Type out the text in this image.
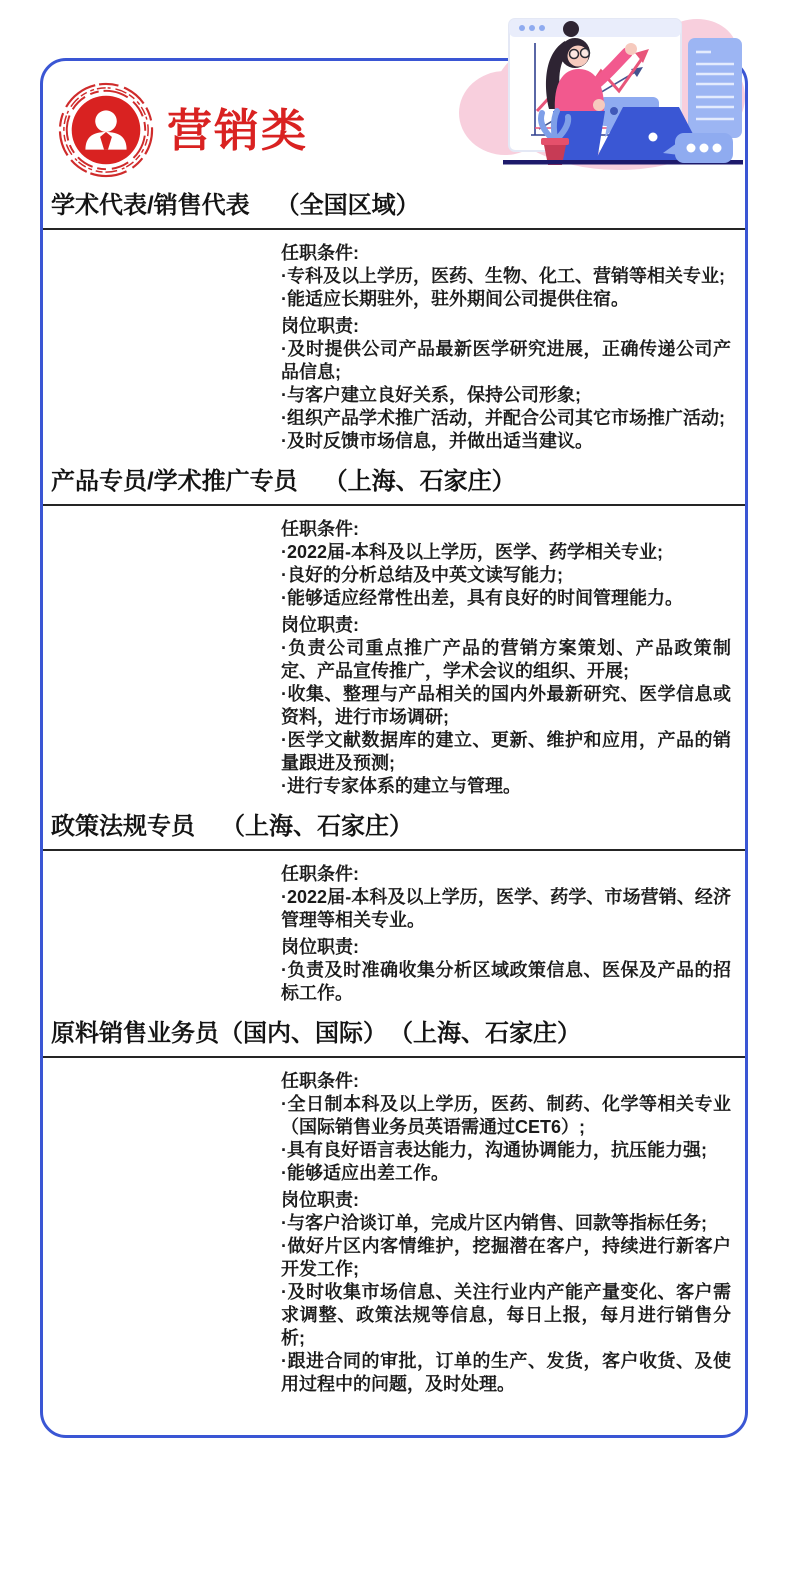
营销类
学术代表/销售代表 （全国区域）
任职条件:
·专科及以上学历，医药、生物、化工、营销等相关专业;
·能适应长期驻外，驻外期间公司提供住宿。
岗位职责:
·及时提供公司产品最新医学研究进展，正确传递公司产品信息;
·与客户建立良好关系，保持公司形象;
·组织产品学术推广活动，并配合公司其它市场推广活动;
·及时反馈市场信息，并做出适当建议。
产品专员/学术推广专员 （上海、石家庄）
任职条件:
·2022届-本科及以上学历，医学、药学相关专业;
·良好的分析总结及中英文读写能力;
·能够适应经常性出差，具有良好的时间管理能力。
岗位职责:
·负责公司重点推广产品的营销方案策划、产品政策制定、产品宣传推广，学术会议的组织、开展;
·收集、整理与产品相关的国内外最新研究、医学信息或资料，进行市场调研;
·医学文献数据库的建立、更新、维护和应用，产品的销量跟进及预测;
·进行专家体系的建立与管理。
政策法规专员 （上海、石家庄）
任职条件:
·2022届-本科及以上学历，医学、药学、市场营销、经济管理等相关专业。
岗位职责:
·负责及时准确收集分析区域政策信息、医保及产品的招标工作。
原料销售业务员（国内、国际） （上海、石家庄）
任职条件:
·全日制本科及以上学历，医药、制药、化学等相关专业（国际销售业务员英语需通过CET6）;
·具有良好语言表达能力，沟通协调能力，抗压能力强;
·能够适应出差工作。
岗位职责:
·与客户洽谈订单，完成片区内销售、回款等指标任务;
·做好片区内客情维护，挖掘潜在客户，持续进行新客户开发工作;
·及时收集市场信息、关注行业内产能产量变化、客户需求调整、政策法规等信息，每日上报，每月进行销售分析;
·跟进合同的审批，订单的生产、发货，客户收货、及使用过程中的问题，及时处理。
